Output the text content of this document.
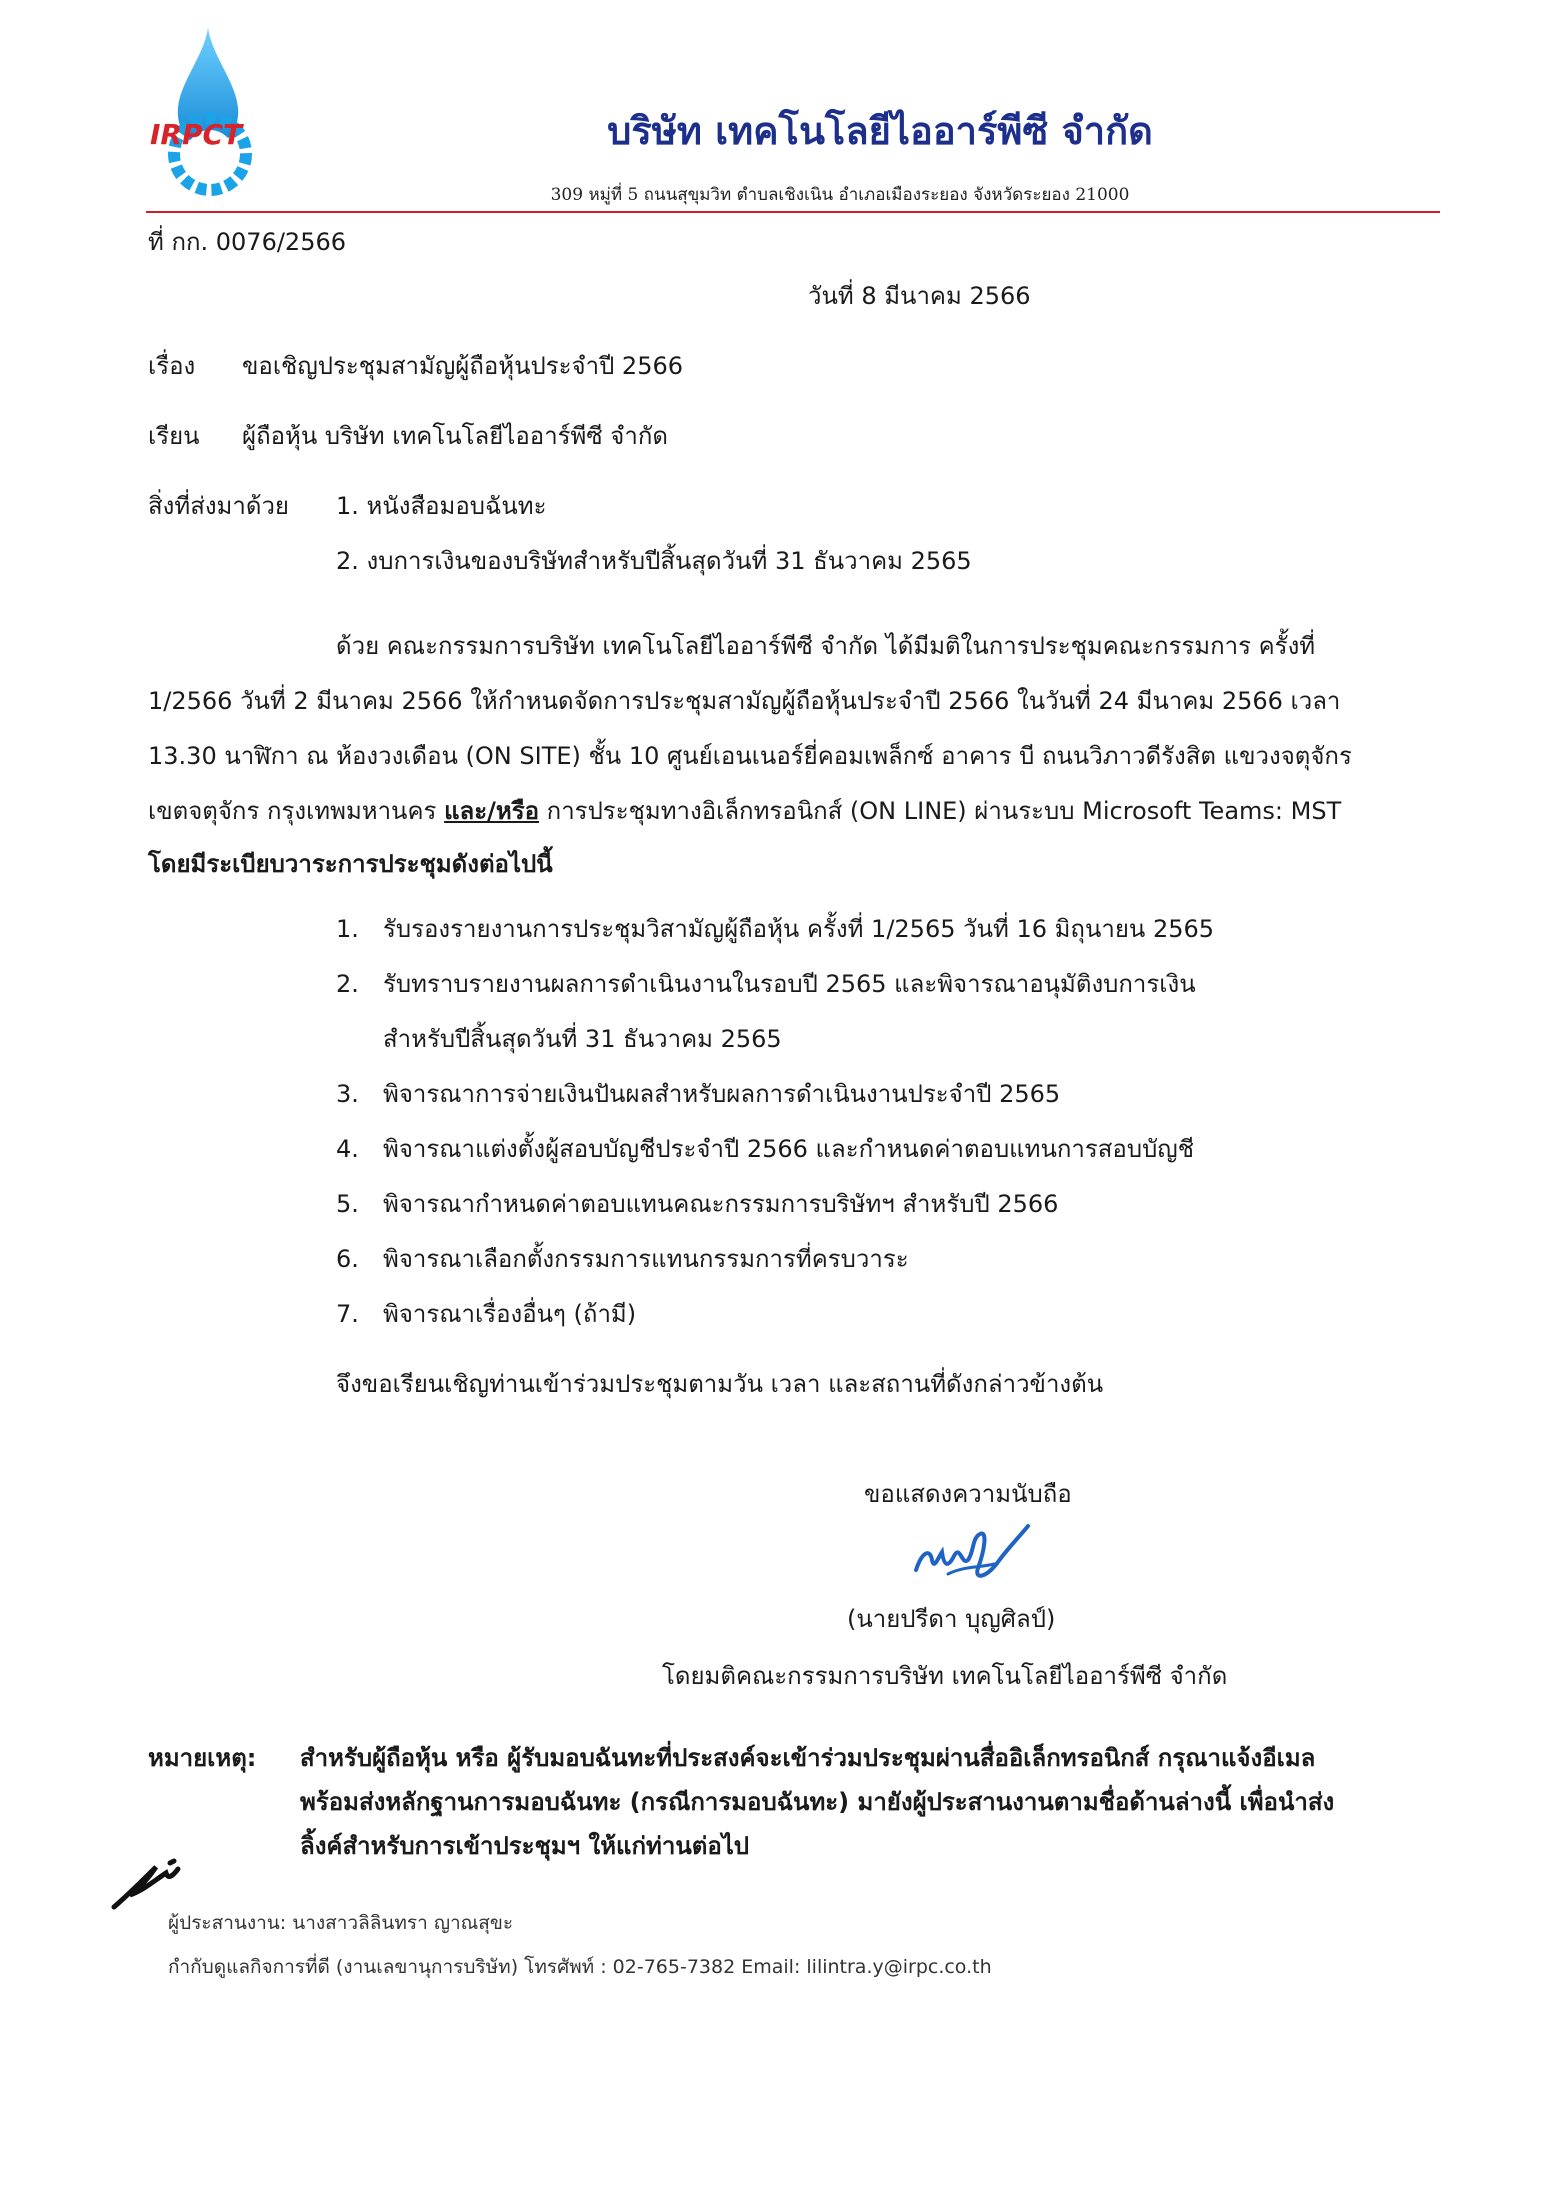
IRPCT	บริษัท เทคโนโลยีไออาร์พีซี จำกัด
309 หมู่ที่ 5 ถนนสุขุมวิท ตำบลเชิงเนิน อำเภอเมืองระยอง จังหวัดระยอง 21000
ที่ กก. 0076/2566
วันที่ 8 มีนาคม 2566
เรื่อง ขอเชิญประชุมสามัญผู้ถือหุ้นประจำปี 2566
เรียน ผู้ถือหุ้น บริษัท เทคโนโลยีไออาร์พีซี จำกัด
สิ่งที่ส่งมาด้วย 1. หนังสือมอบฉันทะ
2. งบการเงินของบริษัทสำหรับปีสิ้นสุดวันที่ 31 ธันวาคม 2565
ด้วย คณะกรรมการบริษัท เทคโนโลยีไออาร์พีซี จำกัด ได้มีมติในการประชุมคณะกรรมการ ครั้งที่
1/2566 วันที่ 2 มีนาคม 2566 ให้กำหนดจัดการประชุมสามัญผู้ถือหุ้นประจำปี 2566 ในวันที่ 24 มีนาคม 2566 เวลา
13.30 นาฬิกา ณ ห้องวงเดือน (ON SITE) ชั้น 10 ศูนย์เอนเนอร์ยี่คอมเพล็กซ์ อาคาร บี ถนนวิภาวดีรังสิต แขวงจตุจักร
เขตจตุจักร กรุงเทพมหานคร และ/หรือ การประชุมทางอิเล็กทรอนิกส์ (ON LINE) ผ่านระบบ Microsoft Teams: MST
โดยมีระเบียบวาระการประชุมดังต่อไปนี้
1. รับรองรายงานการประชุมวิสามัญผู้ถือหุ้น ครั้งที่ 1/2565 วันที่ 16 มิถุนายน 2565
2. รับทราบรายงานผลการดำเนินงานในรอบปี 2565 และพิจารณาอนุมัติงบการเงิน
สำหรับปีสิ้นสุดวันที่ 31 ธันวาคม 2565
3. พิจารณาการจ่ายเงินปันผลสำหรับผลการดำเนินงานประจำปี 2565
4. พิจารณาแต่งตั้งผู้สอบบัญชีประจำปี 2566 และกำหนดค่าตอบแทนการสอบบัญชี
5. พิจารณากำหนดค่าตอบแทนคณะกรรมการบริษัทฯ สำหรับปี 2566
6. พิจารณาเลือกตั้งกรรมการแทนกรรมการที่ครบวาระ
7. พิจารณาเรื่องอื่นๆ (ถ้ามี)
จึงขอเรียนเชิญท่านเข้าร่วมประชุมตามวัน เวลา และสถานที่ดังกล่าวข้างต้น
ขอแสดงความนับถือ
(นายปรีดา บุญศิลป์)
โดยมติคณะกรรมการบริษัท เทคโนโลยีไออาร์พีซี จำกัด
หมายเหตุ: สำหรับผู้ถือหุ้น หรือ ผู้รับมอบฉันทะที่ประสงค์จะเข้าร่วมประชุมผ่านสื่ออิเล็กทรอนิกส์ กรุณาแจ้งอีเมล
พร้อมส่งหลักฐานการมอบฉันทะ (กรณีการมอบฉันทะ) มายังผู้ประสานงานตามชื่อด้านล่างนี้ เพื่อนำส่ง
ลิ้งค์สำหรับการเข้าประชุมฯ ให้แก่ท่านต่อไป
ผู้ประสานงาน: นางสาวลิลินทรา ญาณสุขะ
กำกับดูแลกิจการที่ดี (งานเลขานุการบริษัท) โทรศัพท์ : 02-765-7382 Email: lilintra.y@irpc.co.th
